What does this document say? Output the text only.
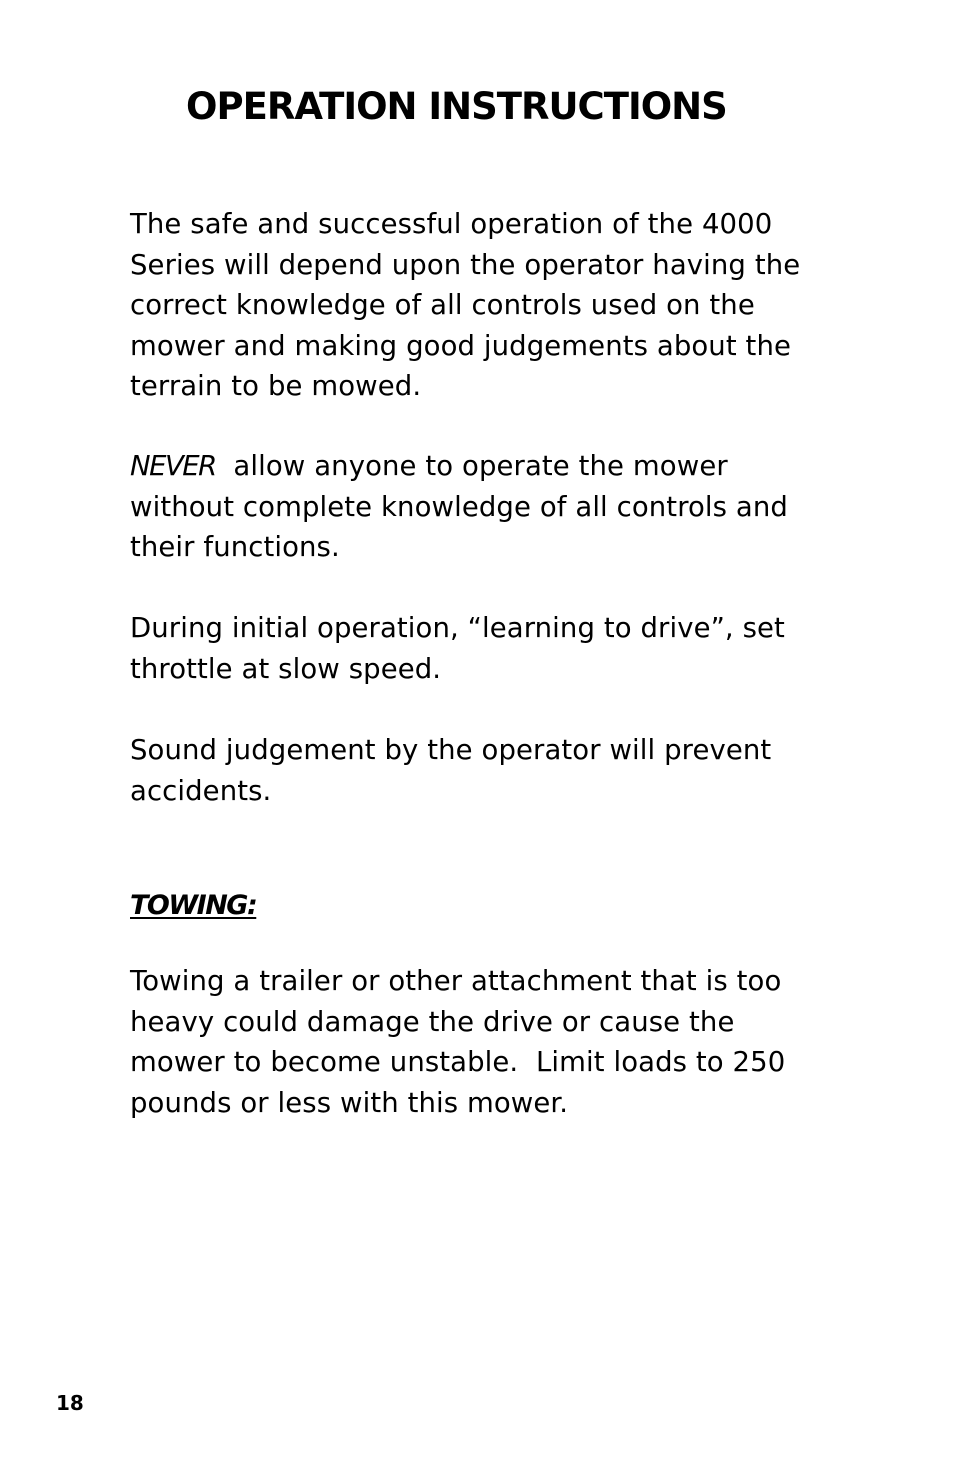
OPERATION INSTRUCTIONS

The safe and successful operation of the 4000
Series will depend upon the operator having the
correct knowledge of all controls used on the
mower and making good judgements about the
terrain to be mowed.

NEVER  allow anyone to operate the mower
without complete knowledge of all controls and
their functions.

During initial operation, “learning to drive”, set
throttle at slow speed.

Sound judgement by the operator will prevent
accidents.

TOWING:

Towing a trailer or other attachment that is too
heavy could damage the drive or cause the
mower to become unstable.  Limit loads to 250
pounds or less with this mower.

18
